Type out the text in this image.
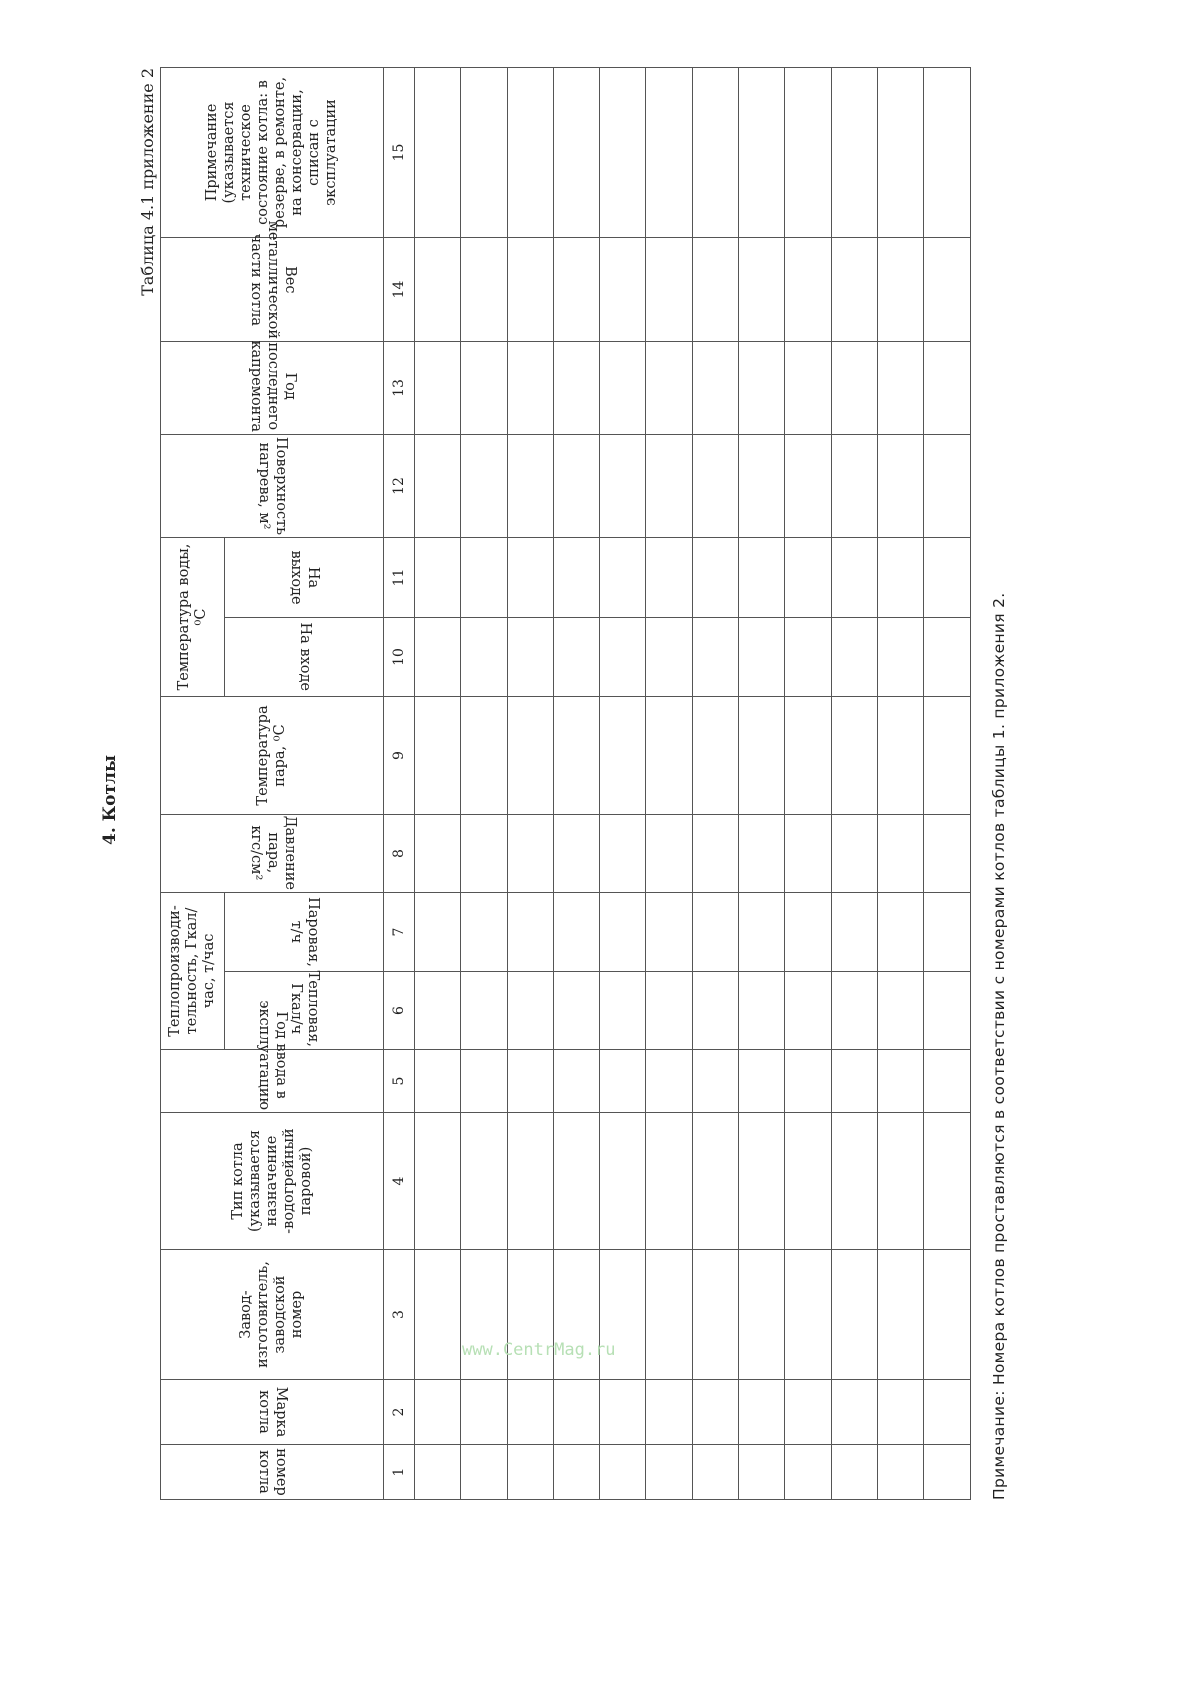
4. Котлы
Таблица 4.1 приложение 2
номер котла	Марка котла	Завод-изготовитель, заводской номер	Тип котла (указывается назначение -водогрейный паровой)	Год ввода в эксплуатацию	Теплопроизводи-тельность, Гкал/час, т/час		Давление пара, кгс/см²	Температура пара, ⁰C	Температура воды, ⁰C		Поверхность нагрева, м²	Год последнего капремонта	Вес металлической части котла	Примечание (указывается техническое состояние котла: в резерве, в ремонте, на консервации, списан с эксплуатации
					Тепловая, Гкал/ч	Паровая, т/ч			На входе	На выходе				
1	2	3	4	5	6	7	8	9	10	11	12	13	14	15

Примечание: Номера котлов проставляются в соответствии с номерами котлов таблицы 1. приложения 2.
www.CentrMag.ru
